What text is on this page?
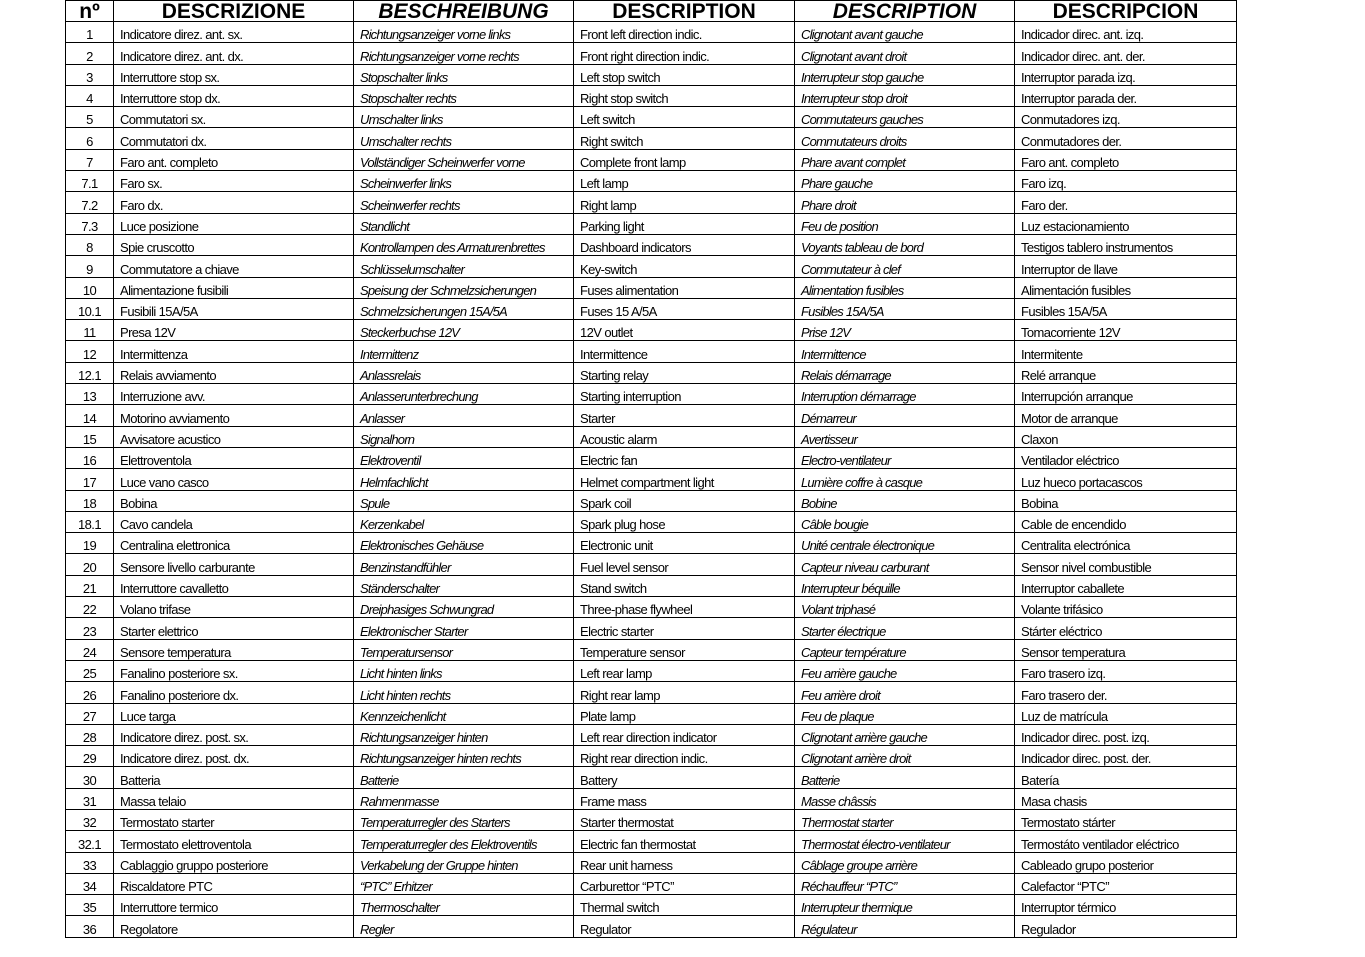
nº	DESCRIZIONE	BESCHREIBUNG	DESCRIPTION	DESCRIPTION	DESCRIPCION
1	Indicatore direz. ant. sx.	Richtungsanzeiger vorne links	Front left direction indic.	Clignotant avant gauche	Indicador direc. ant. izq.
2	Indicatore direz. ant. dx.	Richtungsanzeiger vorne rechts	Front right direction indic.	Clignotant avant droit	Indicador direc. ant. der.
3	Interruttore stop sx.	Stopschalter links	Left stop switch	Interrupteur stop gauche	Interruptor parada izq.
4	Interruttore stop dx.	Stopschalter rechts	Right stop switch	Interrupteur stop droit	Interruptor parada der.
5	Commutatori sx.	Umschalter links	Left switch	Commutateurs gauches	Conmutadores izq.
6	Commutatori dx.	Umschalter rechts	Right switch	Commutateurs droits	Conmutadores der.
7	Faro ant. completo	Vollständiger Scheinwerfer vorne	Complete front lamp	Phare avant complet	Faro ant. completo
7.1	Faro sx.	Scheinwerfer links	Left lamp	Phare gauche	Faro izq.
7.2	Faro dx.	Scheinwerfer rechts	Right lamp	Phare droit	Faro der.
7.3	Luce posizione	Standlicht	Parking light	Feu de position	Luz estacionamiento
8	Spie cruscotto	Kontrollampen des Armaturenbrettes	Dashboard indicators	Voyants tableau de bord	Testigos tablero instrumentos
9	Commutatore a chiave	Schlüsselumschalter	Key-switch	Commutateur à clef	Interruptor de llave
10	Alimentazione fusibili	Speisung der Schmelzsicherungen	Fuses alimentation	Alimentation fusibles	Alimentación fusibles
10.1	Fusibili 15A/5A	Schmelzsicherungen 15A/5A	Fuses 15 A/5A	Fusibles 15A/5A	Fusibles 15A/5A
11	Presa 12V	Steckerbuchse 12V	12V outlet	Prise 12V	Tomacorriente 12V
12	Intermittenza	Intermittenz	Intermittence	Intermittence	Intermitente
12.1	Relais avviamento	Anlassrelais	Starting relay	Relais démarrage	Relé arranque
13	Interruzione avv.	Anlasserunterbrechung	Starting interruption	Interruption démarrage	Interrupción arranque
14	Motorino avviamento	Anlasser	Starter	Démarreur	Motor de arranque
15	Avvisatore acustico	Signalhorn	Acoustic alarm	Avertisseur	Claxon
16	Elettroventola	Elektroventil	Electric fan	Electro-ventilateur	Ventilador eléctrico
17	Luce vano casco	Helmfachlicht	Helmet compartment light	Lumière coffre à casque	Luz hueco portacascos
18	Bobina	Spule	Spark coil	Bobine	Bobina
18.1	Cavo candela	Kerzenkabel	Spark plug hose	Câble bougie	Cable de encendido
19	Centralina elettronica	Elektronisches Gehäuse	Electronic unit	Unité centrale électronique	Centralita electrónica
20	Sensore livello carburante	Benzinstandfühler	Fuel level sensor	Capteur niveau carburant	Sensor nivel combustible
21	Interruttore cavalletto	Ständerschalter	Stand switch	Interrupteur béquille	Interruptor caballete
22	Volano trifase	Dreiphasiges Schwungrad	Three-phase flywheel	Volant triphasé	Volante trifásico
23	Starter elettrico	Elektronischer Starter	Electric starter	Starter électrique	Stárter eléctrico
24	Sensore temperatura	Temperatursensor	Temperature sensor	Capteur température	Sensor temperatura
25	Fanalino posteriore sx.	Licht hinten links	Left rear lamp	Feu arrière gauche	Faro trasero izq.
26	Fanalino posteriore dx.	Licht hinten rechts	Right rear lamp	Feu arrière droit	Faro trasero der.
27	Luce targa	Kennzeichenlicht	Plate lamp	Feu de plaque	Luz de matrícula
28	Indicatore direz. post. sx.	Richtungsanzeiger hinten	Left rear direction indicator	Clignotant arrière gauche	Indicador direc. post. izq.
29	Indicatore direz. post. dx.	Richtungsanzeiger hinten rechts	Right rear direction indic.	Clignotant arrière droit	Indicador direc. post. der.
30	Batteria	Batterie	Battery	Batterie	Batería
31	Massa telaio	Rahmenmasse	Frame mass	Masse châssis	Masa chasis
32	Termostato starter	Temperaturregler des Starters	Starter thermostat	Thermostat starter	Termostato stárter
32.1	Termostato elettroventola	Temperaturregler des Elektroventils	Electric fan thermostat	Thermostat électro-ventilateur	Termostáto ventilador eléctrico
33	Cablaggio gruppo posteriore	Verkabelung der Gruppe hinten	Rear unit harness	Câblage groupe arrière	Cableado grupo posterior
34	Riscaldatore PTC	“PTC” Erhitzer	Carburettor “PTC”	Réchauffeur “PTC”	Calefactor “PTC”
35	Interruttore termico	Thermoschalter	Thermal switch	Interrupteur thermique	Interruptor térmico
36	Regolatore	Regler	Regulator	Régulateur	Regulador
